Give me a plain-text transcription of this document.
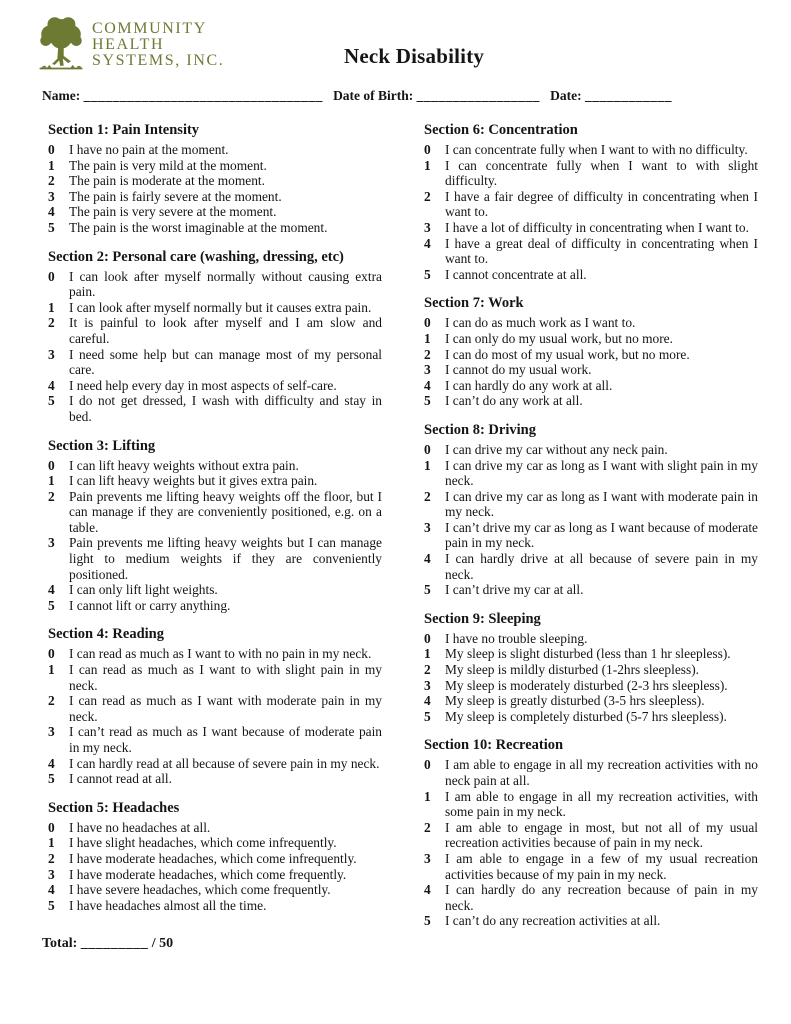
COMMUNITY
HEALTH
SYSTEMS, INC.	Neck Disability
Name: _________________________________ Date of Birth: _________________ Date: ____________
Section 1: Pain Intensity
0	I have no pain at the moment.
1	The pain is very mild at the moment.
2	The pain is moderate at the moment.
3	The pain is fairly severe at the moment.
4	The pain is very severe at the moment.
5	The pain is the worst imaginable at the moment.
Section 2: Personal care (washing, dressing, etc)
0	I can look after myself normally without causing extra pain.
1	I can look after myself normally but it causes extra pain.
2	It is painful to look after myself and I am slow and careful.
3	I need some help but can manage most of my personal care.
4	I need help every day in most aspects of self-care.
5	I do not get dressed, I wash with difficulty and stay in bed.
Section 3: Lifting
0	I can lift heavy weights without extra pain.
1	I can lift heavy weights but it gives extra pain.
2	Pain prevents me lifting heavy weights off the floor, but I can manage if they are conveniently positioned, e.g. on a table.
3	Pain prevents me lifting heavy weights but I can manage light to medium weights if they are conveniently positioned.
4	I can only lift light weights.
5	I cannot lift or carry anything.
Section 4: Reading
0	I can read as much as I want to with no pain in my neck.
1	I can read as much as I want to with slight pain in my neck.
2	I can read as much as I want with moderate pain in my neck.
3	I can’t read as much as I want because of moderate pain in my neck.
4	I can hardly read at all because of severe pain in my neck.
5	I cannot read at all.
Section 5: Headaches
0	I have no headaches at all.
1	I have slight headaches, which come infrequently.
2	I have moderate headaches, which come infrequently.
3	I have moderate headaches, which come frequently.
4	I have severe headaches, which come frequently.
5	I have headaches almost all the time.
Section 6: Concentration
0	I can concentrate fully when I want to with no difficulty.
1	I can concentrate fully when I want to with slight difficulty.
2	I have a fair degree of difficulty in concentrating when I want to.
3	I have a lot of difficulty in concentrating when I want to.
4	I have a great deal of difficulty in concentrating when I want to.
5	I cannot concentrate at all.
Section 7: Work
0	I can do as much work as I want to.
1	I can only do my usual work, but no more.
2	I can do most of my usual work, but no more.
3	I cannot do my usual work.
4	I can hardly do any work at all.
5	I can’t do any work at all.
Section 8: Driving
0	I can drive my car without any neck pain.
1	I can drive my car as long as I want with slight pain in my neck.
2	I can drive my car as long as I want with moderate pain in my neck.
3	I can’t drive my car as long as I want because of moderate pain in my neck.
4	I can hardly drive at all because of severe pain in my neck.
5	I can’t drive my car at all.
Section 9: Sleeping
0	I have no trouble sleeping.
1	My sleep is slight disturbed (less than 1 hr sleepless).
2	My sleep is mildly disturbed (1-2hrs sleepless).
3	My sleep is moderately disturbed (2-3 hrs sleepless).
4	My sleep is greatly disturbed (3-5 hrs sleepless).
5	My sleep is completely disturbed (5-7 hrs sleepless).
Section 10: Recreation
0	I am able to engage in all my recreation activities with no neck pain at all.
1	I am able to engage in all my recreation activities, with some pain in my neck.
2	I am able to engage in most, but not all of my usual recreation activities because of pain in my neck.
3	I am able to engage in a few of my usual recreation activities because of my pain in my neck.
4	I can hardly do any recreation because of pain in my neck.
5	I can’t do any recreation activities at all.
Total: _________ / 50
